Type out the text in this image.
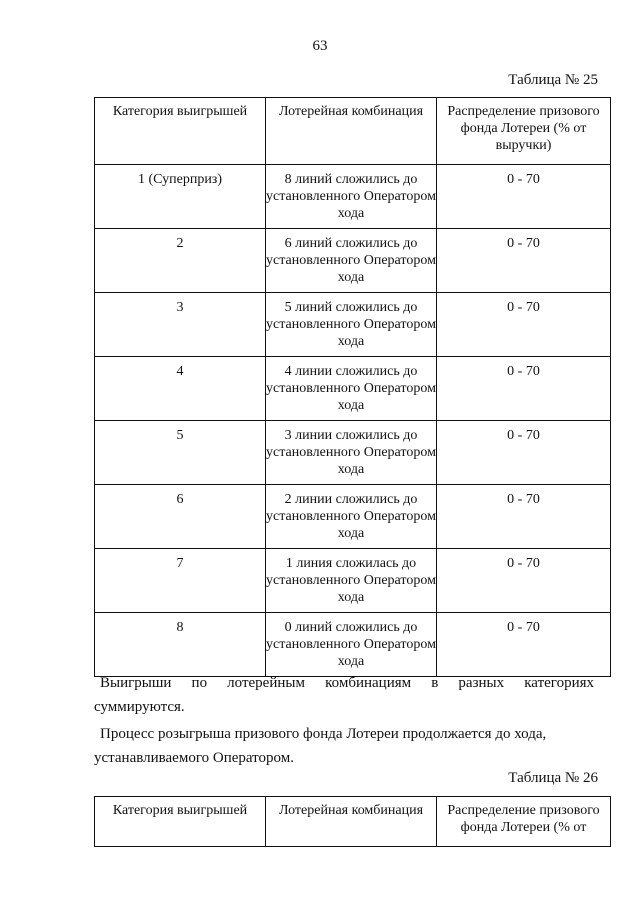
63
Таблица № 25
Категория выигрышей	Лотерейная комбинация	Распределение призового фонда Лотереи (% от выручки)
1 (Суперприз)	8 линий сложились до установленного Оператором хода	0 - 70
2	6 линий сложились до установленного Оператором хода	0 - 70
3	5 линий сложились до установленного Оператором хода	0 - 70
4	4 линии сложились до установленного Оператором хода	0 - 70
5	3 линии сложились до установленного Оператором хода	0 - 70
6	2 линии сложились до установленного Оператором хода	0 - 70
7	1 линия сложилась до установленного Оператором хода	0 - 70
8	0 линий сложились до установленного Оператором хода	0 - 70
Выигрыши по лотерейным комбинациям в разных категориях
суммируются.
Процесс розыгрыша призового фонда Лотереи продолжается до хода,
устанавливаемого Оператором.
Таблица № 26
Категория выигрышей	Лотерейная комбинация	Распределение призового фонда Лотереи (% от
